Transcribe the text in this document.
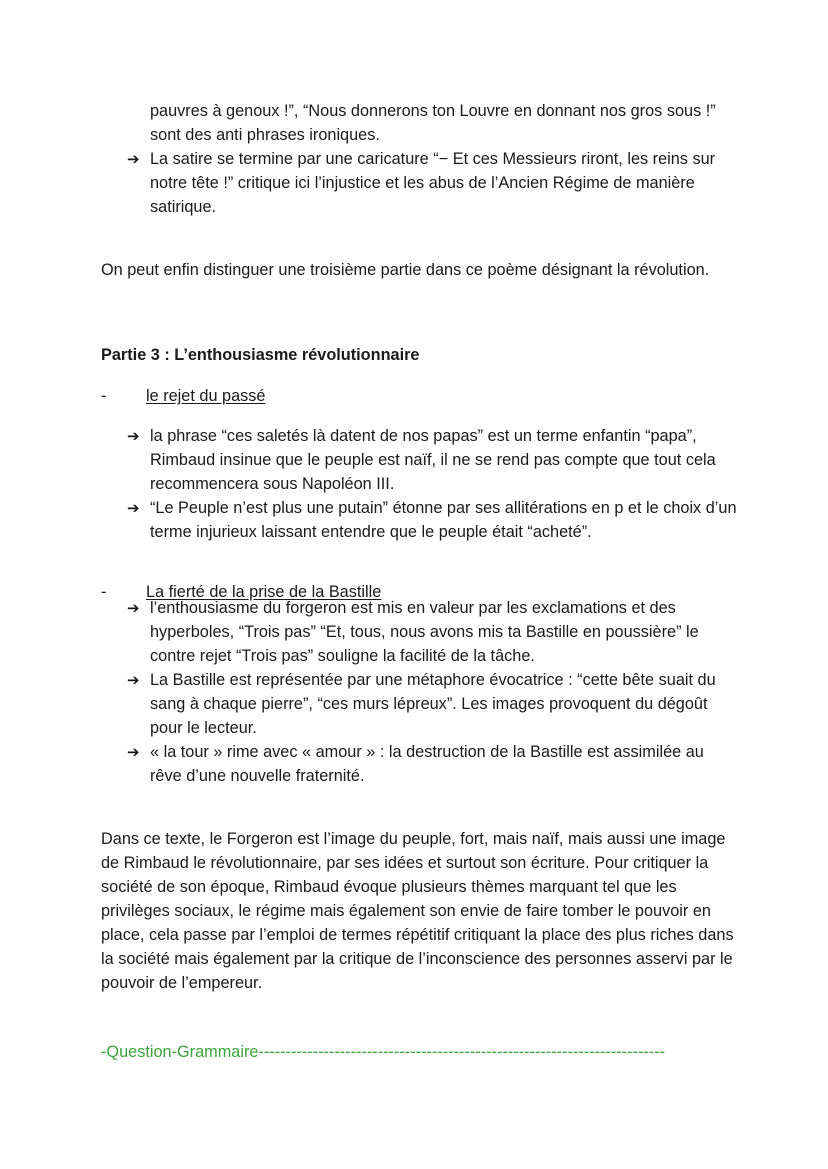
pauvres à genoux !”, “Nous donnerons ton Louvre en donnant nos gros sous !” sont des anti phrases ironiques.
➔ La satire se termine par une caricature “− Et ces Messieurs riront, les reins sur notre tête !” critique ici l’injustice et les abus de l’Ancien Régime de manière satirique.
On peut enfin distinguer une troisième partie dans ce poème désignant la révolution.
Partie 3 : L’enthousiasme révolutionnaire
- le rejet du passé
➔ la phrase “ces saletés là datent de nos papas” est un terme enfantin “papa”, Rimbaud insinue que le peuple est naïf, il ne se rend pas compte que tout cela recommencera sous Napoléon III.
➔ “Le Peuple n’est plus une putain” étonne par ses allitérations en p et le choix d’un terme injurieux laissant entendre que le peuple était “acheté”.
- La fierté de la prise de la Bastille
➔ l’enthousiasme du forgeron est mis en valeur par les exclamations et des hyperboles, “Trois pas” “Et, tous, nous avons mis ta Bastille en poussière” le contre rejet “Trois pas” souligne la facilité de la tâche.
➔ La Bastille est représentée par une métaphore évocatrice : “cette bête suait du sang à chaque pierre”, “ces murs lépreux”. Les images provoquent du dégoût pour le lecteur.
➔ « la tour » rime avec « amour » : la destruction de la Bastille est assimilée au rêve d’une nouvelle fraternité.
Dans ce texte, le Forgeron est l’image du peuple, fort, mais naïf, mais aussi une image de Rimbaud le révolutionnaire, par ses idées et surtout son écriture. Pour critiquer la société de son époque, Rimbaud évoque plusieurs thèmes marquant tel que les privilèges sociaux, le régime mais également son envie de faire tomber le pouvoir en place, cela passe par l’emploi de termes répétitif critiquant la place des plus riches dans la société mais également par la critique de l’inconscience des personnes asservi par le pouvoir de l’empereur.
-Question-Grammaire---------------------------------------------------------------------------
